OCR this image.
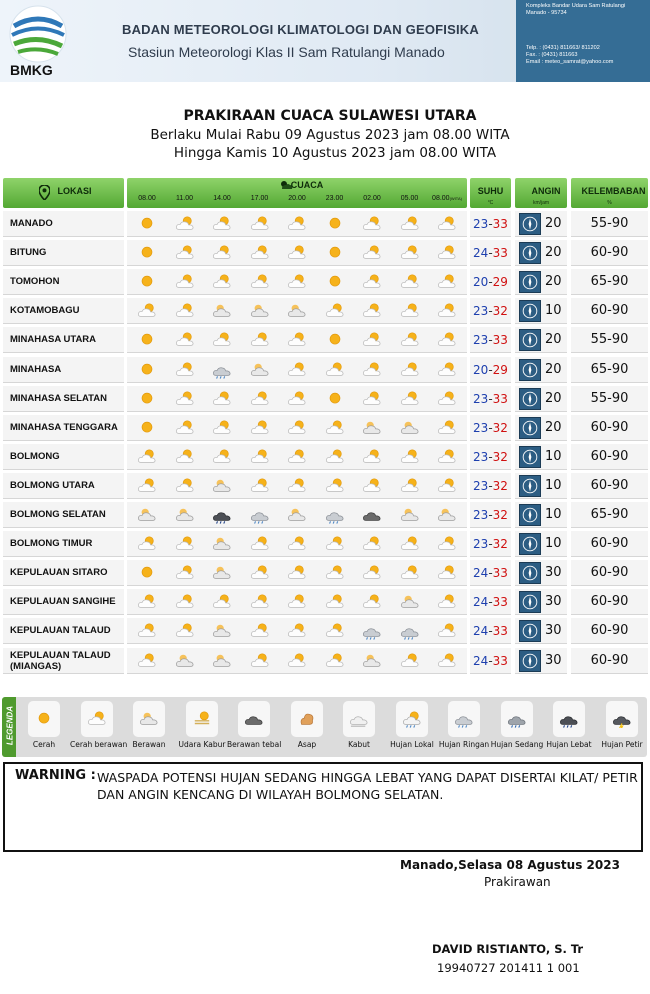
BMKG
BADAN METEOROLOGI KLIMATOLOGI DAN GEOFISIKA
Stasiun Meteorologi Klas II Sam Ratulangi Manado
Kompleks Bandar Udara Sam Ratulangi
Manado - 95734
Telp. : (0431) 811663/ 811202
Fax. : (0431) 811663
Email : meteo_samrat@yahoo.com
PRAKIRAAN CUACA SULAWESI UTARA
Berlaku Mulai Rabu 09 Agustus 2023 jam 08.00 WITA
Hingga Kamis 10 Agustus 2023 jam 08.00 WITA
LOKASI
CUACA
08.00	11.00	14.00	17.00	20.00	23.00	02.00	05.00	08.00(WITA)
SUHU
°C
ANGIN
km/jam
KELEMBABAN
%
MANADO	23-33	20	55-90
BITUNG	24-33	20	60-90
TOMOHON	20-29	20	65-90
KOTAMOBAGU	23-32	10	60-90
MINAHASA UTARA	23-33	20	55-90
MINAHASA	20-29	20	65-90
MINAHASA SELATAN	23-33	20	55-90
MINAHASA TENGGARA	23-32	20	60-90
BOLMONG	23-32	10	60-90
BOLMONG UTARA	23-32	10	60-90
BOLMONG SELATAN	23-32	10	65-90
BOLMONG TIMUR	23-32	10	60-90
KEPULAUAN SITARO	24-33	30	60-90
KEPULAUAN SANGIHE	24-33	30	60-90
KEPULAUAN TALAUD	24-33	30	60-90
KEPULAUAN TALAUD (MIANGAS)	24-33	30	60-90
LEGENDA	Cerah	Cerah berawan Berawan	Udara Kabur Berawan tebal	Asap	Kabut	Hujan Lokal Hujan Ringan Hujan Sedang Hujan Lebat	Hujan Petir
WARNING : WASPADA POTENSI HUJAN SEDANG HINGGA LEBAT YANG DAPAT DISERTAI KILAT/ PETIR DAN ANGIN KENCANG DI WILAYAH BOLMONG SELATAN.
Manado,Selasa 08 Agustus 2023
Prakirawan
DAVID RISTIANTO, S. Tr
19940727 201411 1 001
